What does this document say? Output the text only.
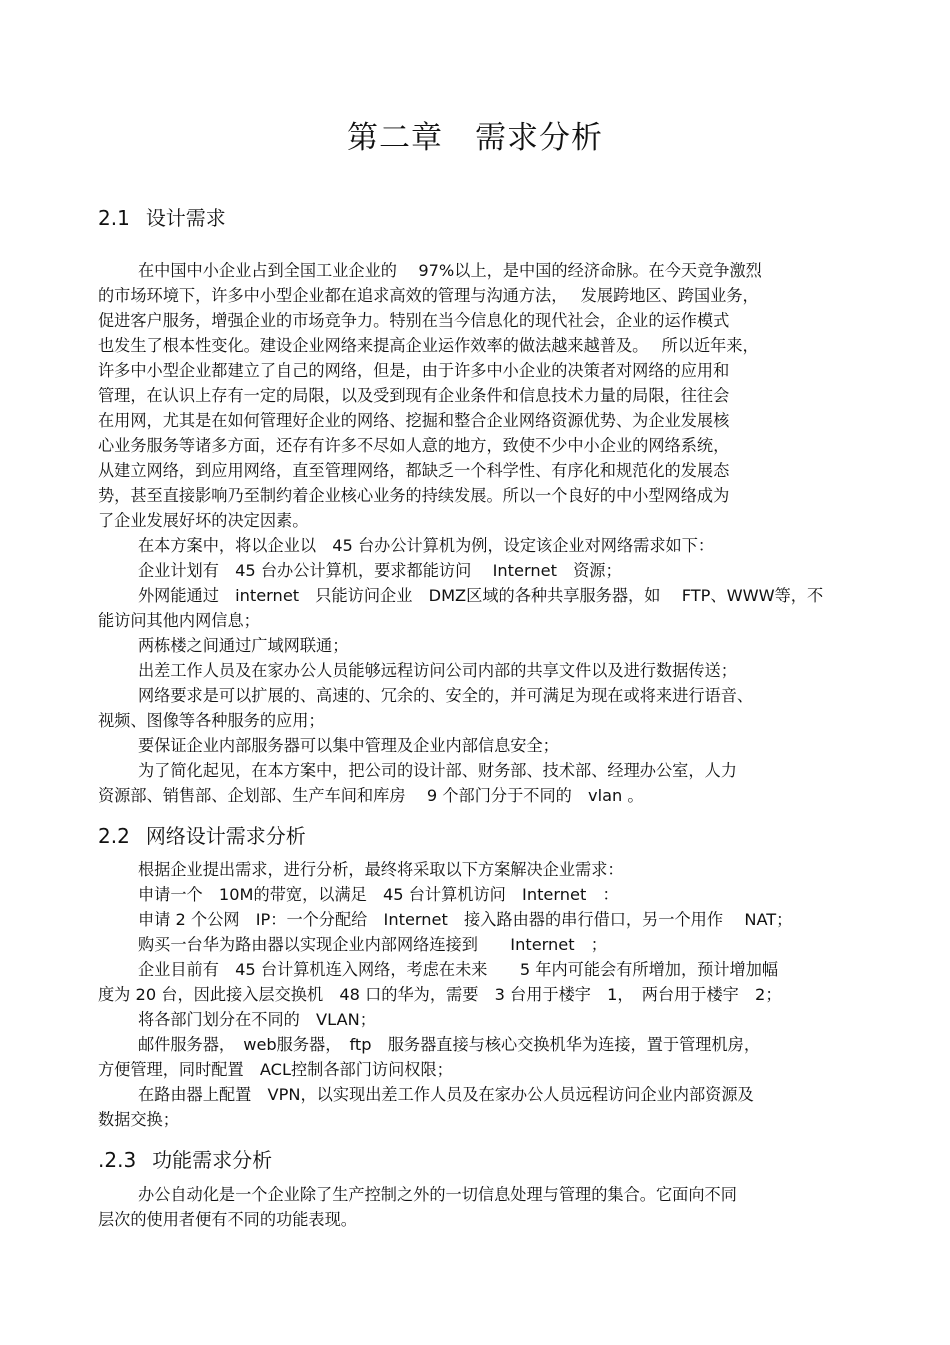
第二章　需求分析
2.1 设计需求
在中国中小企业占到全国工业企业的　 97%以上，是中国的经济命脉。在今天竞争激烈
的市场环境下，许多中小型企业都在追求高效的管理与沟通方法，　 发展跨地区、跨国业务，
促进客户服务，增强企业的市场竞争力。特别在当今信息化的现代社会，企业的运作模式
也发生了根本性变化。建设企业网络来提高企业运作效率的做法越来越普及。　 所以近年来，
许多中小型企业都建立了自己的网络，但是，由于许多中小企业的决策者对网络的应用和
管理，在认识上存有一定的局限，以及受到现有企业条件和信息技术力量的局限，往往会
在用网，尤其是在如何管理好企业的网络、挖掘和整合企业网络资源优势、为企业发展核
心业务服务等诸多方面，还存有许多不尽如人意的地方，致使不少中小企业的网络系统，
从建立网络，到应用网络，直至管理网络，都缺乏一个科学性、有序化和规范化的发展态
势，甚至直接影响乃至制约着企业核心业务的持续发展。所以一个良好的中小型网络成为
了企业发展好坏的决定因素。
在本方案中，将以企业以　45 台办公计算机为例，设定该企业对网络需求如下：
企业计划有　45 台办公计算机，要求都能访问　 Internet　资源；
外网能通过　internet　只能访问企业　DMZ区域的各种共享服务器，如　 FTP、WWW等，不
能访问其他内网信息；
两栋楼之间通过广域网联通；
出差工作人员及在家办公人员能够远程访问公司内部的共享文件以及进行数据传送；
网络要求是可以扩展的、高速的、冗余的、安全的，并可满足为现在或将来进行语音、
视频、图像等各种服务的应用；
要保证企业内部服务器可以集中管理及企业内部信息安全；
为了简化起见，在本方案中，把公司的设计部、财务部、技术部、经理办公室，人力
资源部、销售部、企划部、生产车间和库房　 9 个部门分于不同的　vlan 。
2.2 网络设计需求分析
根据企业提出需求，进行分析，最终将采取以下方案解决企业需求：
申请一个　10M的带宽，以满足　45 台计算机访问　Internet　：
申请 2 个公网　IP：一个分配给　Internet　接入路由器的串行借口，另一个用作　 NAT；
购买一台华为路由器以实现企业内部网络连接到　　Internet　；
企业目前有　45 台计算机连入网络，考虑在未来　　5 年内可能会有所增加，预计增加幅
度为 20 台，因此接入层交换机　48 口的华为，需要　3 台用于楼宇　1，　两台用于楼宇　2；
将各部门划分在不同的　VLAN；
邮件服务器，　web服务器，　ftp　服务器直接与核心交换机华为连接，置于管理机房，
方便管理，同时配置　ACL控制各部门访问权限；
在路由器上配置　VPN，以实现出差工作人员及在家办公人员远程访问企业内部资源及
数据交换；
.2.3 功能需求分析
办公自动化是一个企业除了生产控制之外的一切信息处理与管理的集合。它面向不同
层次的使用者便有不同的功能表现。
